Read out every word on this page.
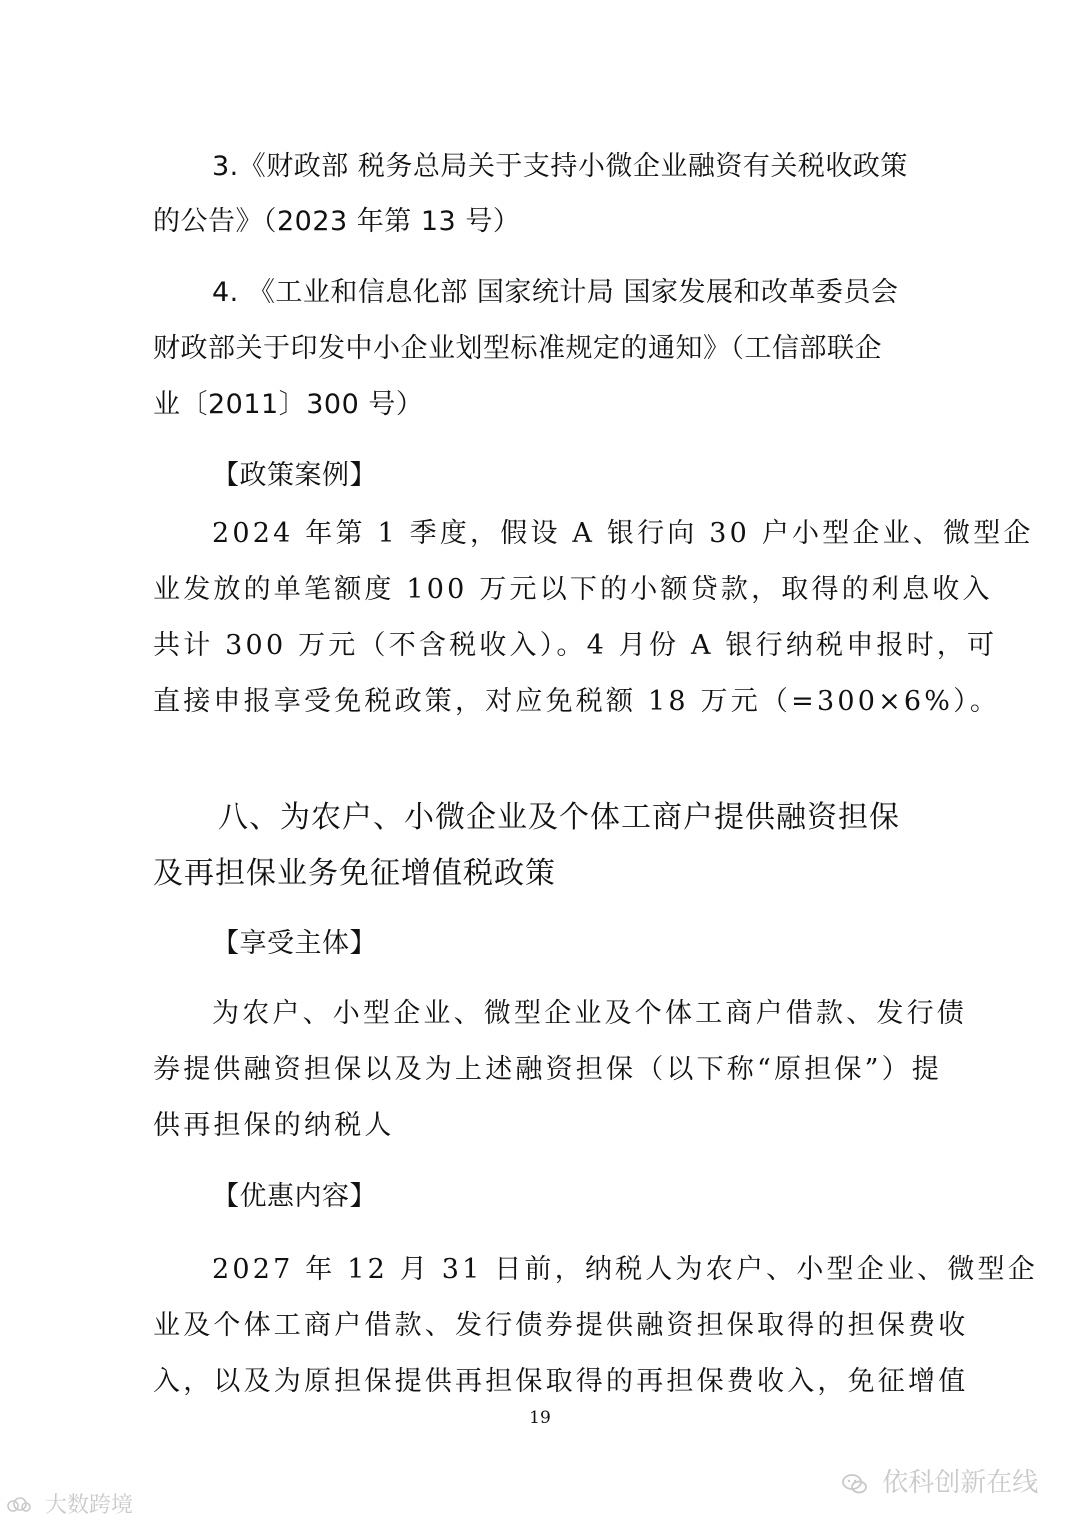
3.《财政部 税务总局关于支持小微企业融资有关税收政策

的公告》（2023 年第 13 号）

4. 《工业和信息化部 国家统计局 国家发展和改革委员会

财政部关于印发中小企业划型标准规定的通知》（工信部联企

业〔2011〕300 号）

【政策案例】

2024 年第 1 季度，假设 A 银行向 30 户小型企业、微型企

业发放的单笔额度 100 万元以下的小额贷款，取得的利息收入

共计 300 万元（不含税收入）。4 月份 A 银行纳税申报时，可

直接申报享受免税政策，对应免税额 18 万元（=300×6%）。

八、为农户、小微企业及个体工商户提供融资担保

及再担保业务免征增值税政策

【享受主体】

为农户、小型企业、微型企业及个体工商户借款、发行债

券提供融资担保以及为上述融资担保（以下称“原担保”）提

供再担保的纳税人

【优惠内容】

2027 年 12 月 31 日前，纳税人为农户、小型企业、微型企

业及个体工商户借款、发行债券提供融资担保取得的担保费收

入，以及为原担保提供再担保取得的再担保费收入，免征增值

19
依科创新在线
大数跨境
